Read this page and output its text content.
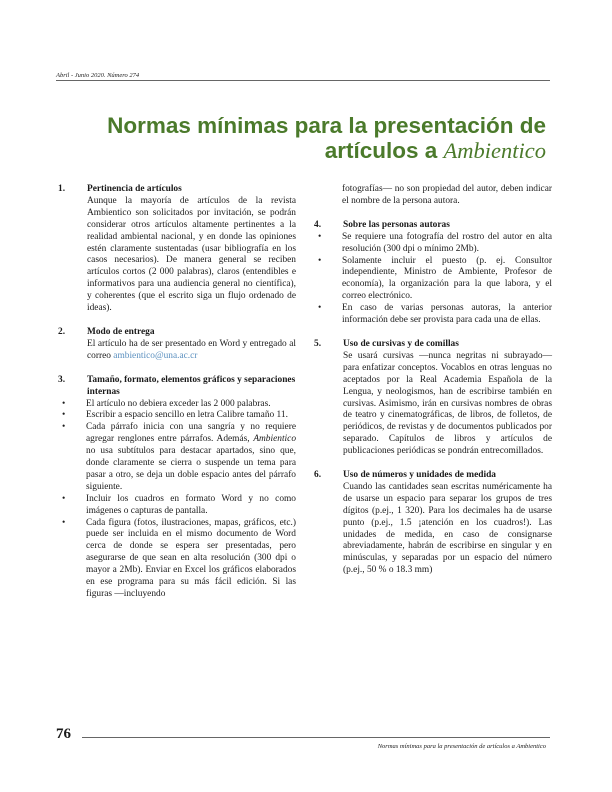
Abril - Junio 2020. Número 274
Normas mínimas para la presentación de
artículos a Ambientico
1. Pertinencia de artículos
Aunque la mayoría de artículos de la revista Ambientico son solicitados por invitación, se podrán considerar otros artículos altamente pertinentes a la realidad ambiental nacional, y en donde las opiniones estén claramente sustentadas (usar bibliografía en los casos necesarios). De manera general se reciben artículos cortos (2 000 palabras), claros (entendibles e informativos para una audiencia general no científica), y coherentes (que el escrito siga un flujo ordenado de ideas).
2. Modo de entrega
El artículo ha de ser presentado en Word y entregado al correo ambientico@una.ac.cr
3. Tamaño, formato, elementos gráficos y separaciones internas
• El artículo no debiera exceder las 2 000 palabras.
• Escribir a espacio sencillo en letra Calibre tamaño 11.
• Cada párrafo inicia con una sangría y no requiere agregar renglones entre párrafos. Además, Ambientico no usa subtítulos para destacar apartados, sino que, donde claramente se cierra o suspende un tema para pasar a otro, se deja un doble espacio antes del párrafo siguiente.
• Incluir los cuadros en formato Word y no como imágenes o capturas de pantalla.
• Cada figura (fotos, ilustraciones, mapas, gráficos, etc.) puede ser incluida en el mismo documento de Word cerca de donde se espera ser presentadas, pero asegurarse de que sean en alta resolución (300 dpi o mayor a 2Mb). Enviar en Excel los gráficos elaborados en ese programa para su más fácil edición. Si las figuras —incluyendo
fotografías— no son propiedad del autor, deben indicar el nombre de la persona autora.
4. Sobre las personas autoras
• Se requiere una fotografía del rostro del autor en alta resolución (300 dpi o mínimo 2Mb).
• Solamente incluir el puesto (p. ej. Consultor independiente, Ministro de Ambiente, Profesor de economía), la organización para la que labora, y el correo electrónico.
• En caso de varias personas autoras, la anterior información debe ser provista para cada una de ellas.
5. Uso de cursivas y de comillas
Se usará cursivas —nunca negritas ni subrayado— para enfatizar conceptos. Vocablos en otras lenguas no aceptados por la Real Academia Española de la Lengua, y neologismos, han de escribirse también en cursivas. Asimismo, irán en cursivas nombres de obras de teatro y cinematográficas, de libros, de folletos, de periódicos, de revistas y de documentos publicados por separado. Capítulos de libros y artículos de publicaciones periódicas se pondrán entrecomillados.
6. Uso de números y unidades de medida
Cuando las cantidades sean escritas numéricamente ha de usarse un espacio para separar los grupos de tres dígitos (p.ej., 1 320). Para los decimales ha de usarse punto (p.ej., 1.5 ¡atención en los cuadros!). Las unidades de medida, en caso de consignarse abreviadamente, habrán de escribirse en singular y en minúsculas, y separadas por un espacio del número (p.ej., 50 % o 18.3 mm)
76
Normas mínimas para la presentación de artículos a Ambientico
